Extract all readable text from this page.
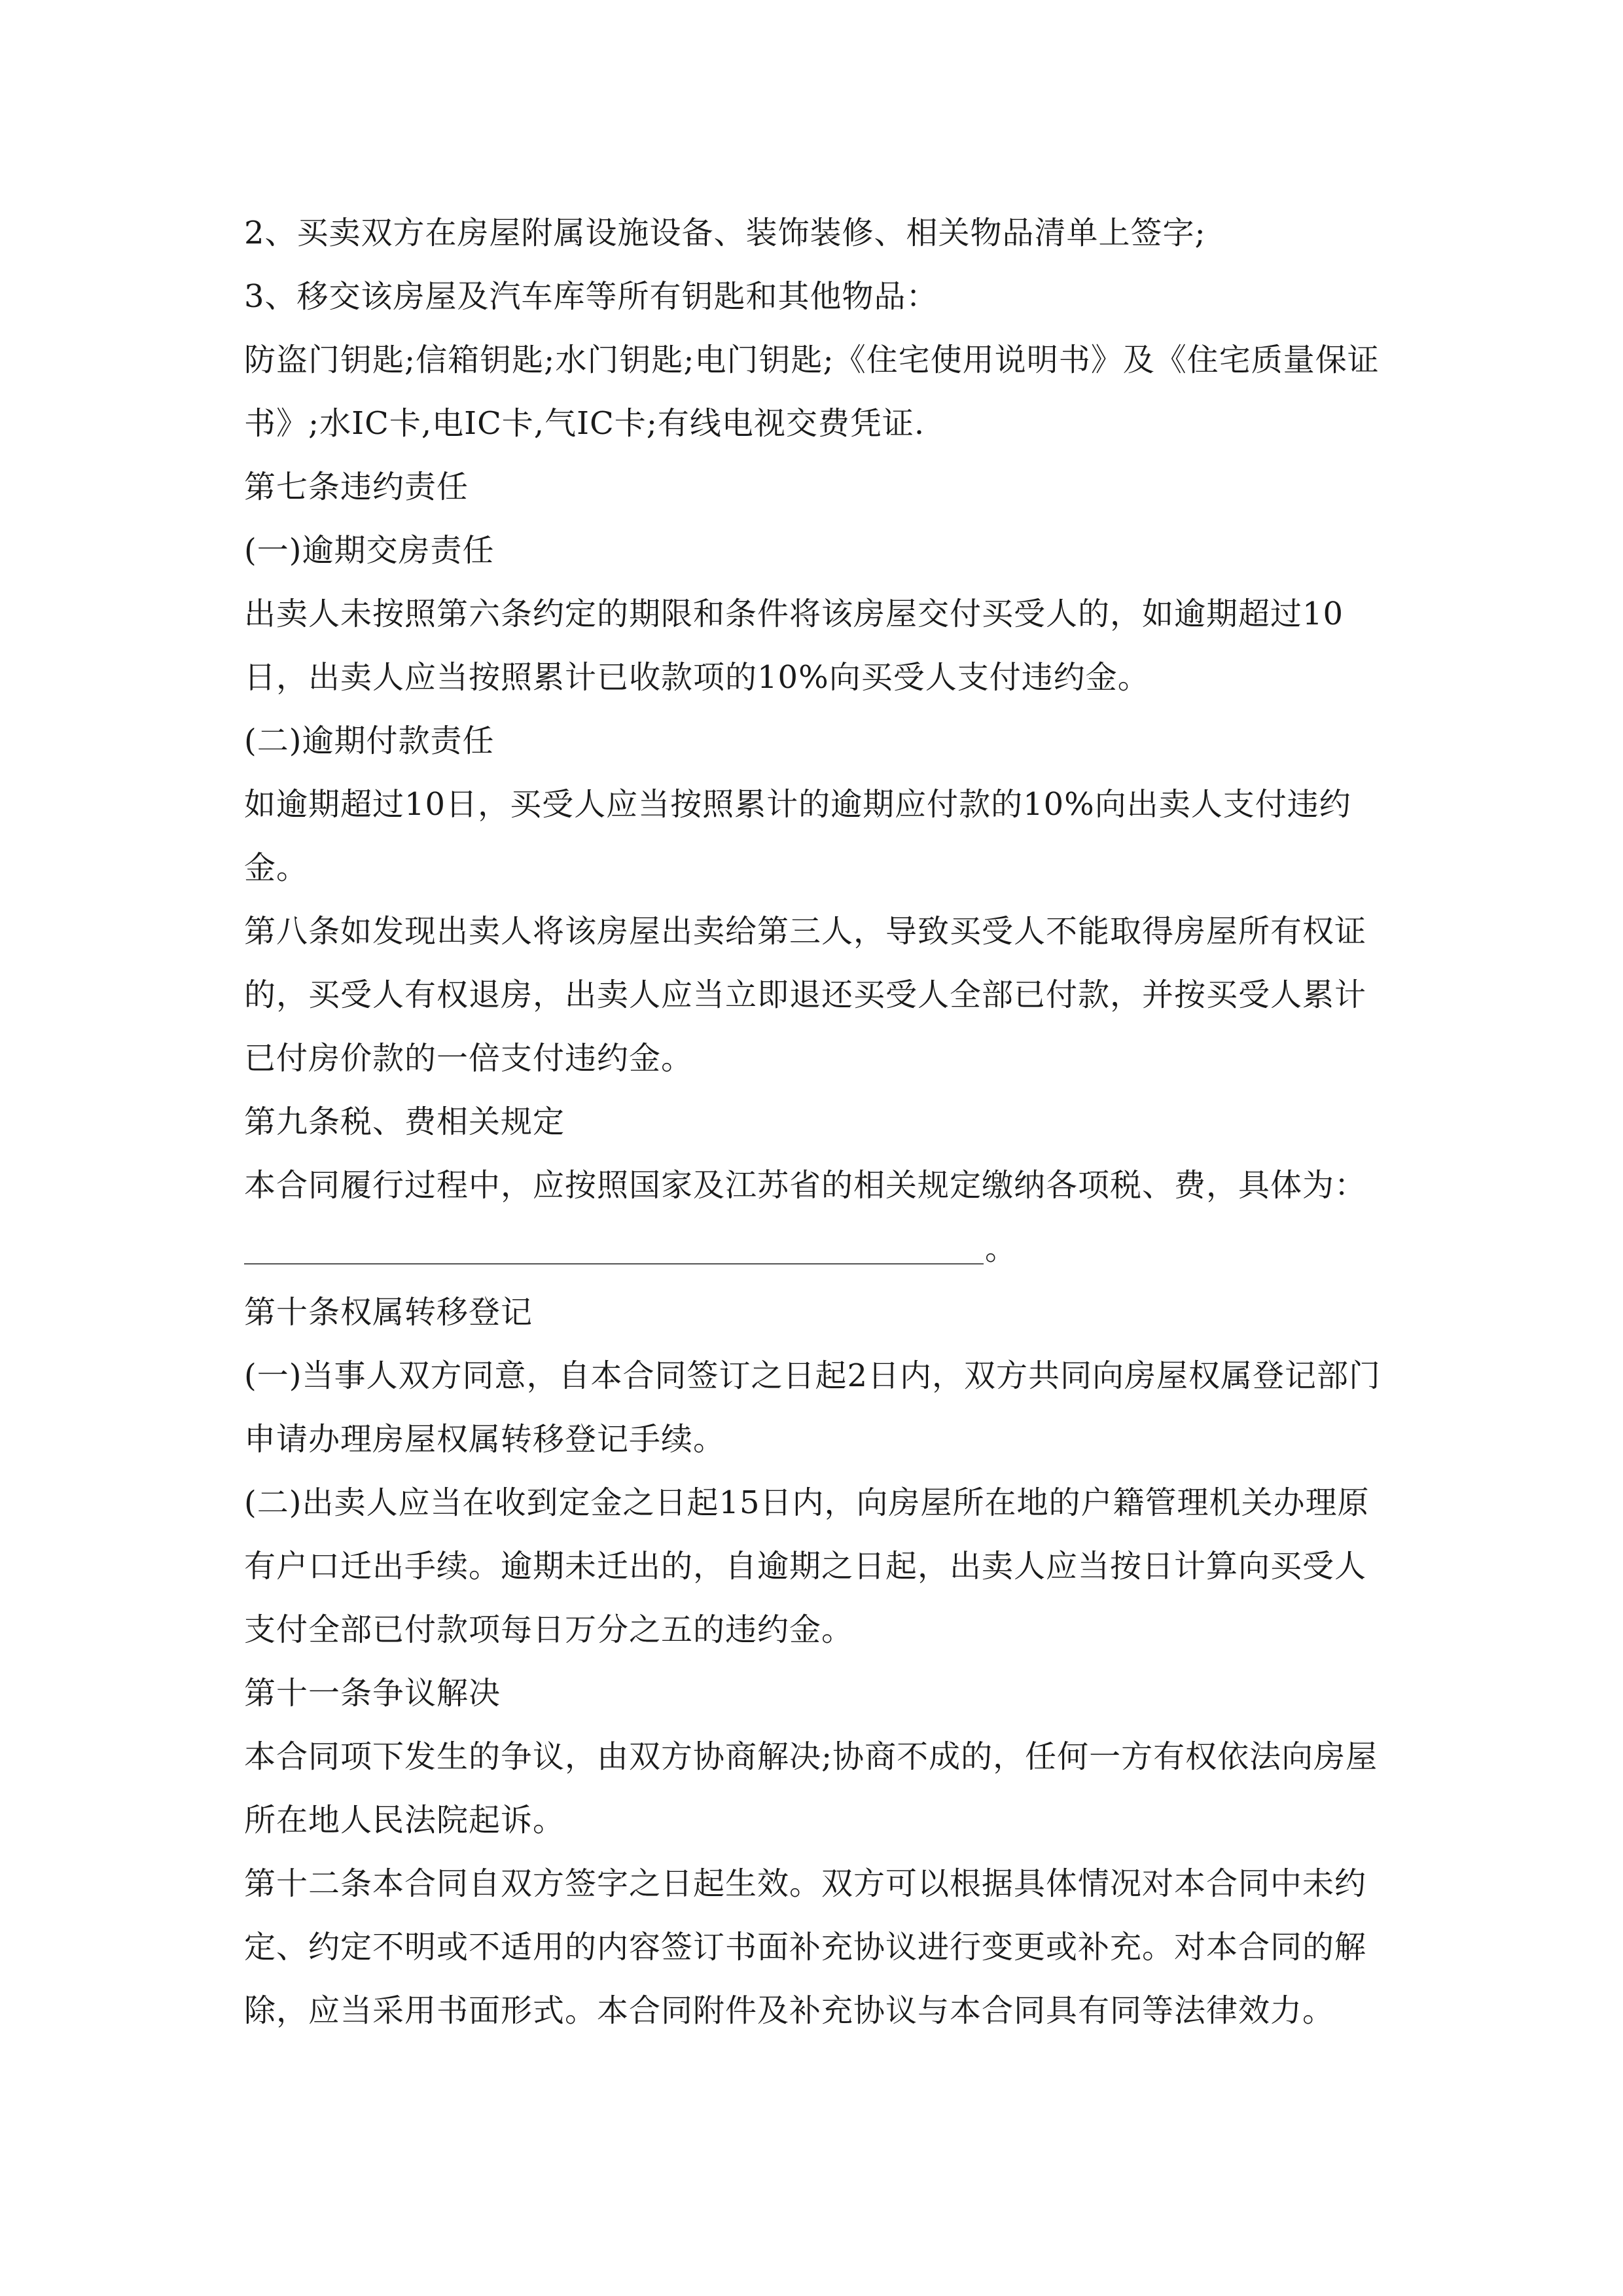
2、买卖双方在房屋附属设施设备、装饰装修、相关物品清单上签字;

3、移交该房屋及汽车库等所有钥匙和其他物品：

防盗门钥匙;信箱钥匙;水门钥匙;电门钥匙;《住宅使用说明书》及《住宅质量保证书》;水IC卡,电IC卡,气IC卡;有线电视交费凭证.

第七条违约责任

(一)逾期交房责任

出卖人未按照第六条约定的期限和条件将该房屋交付买受人的，如逾期超过10日，出卖人应当按照累计已收款项的10%向买受人支付违约金。

(二)逾期付款责任

如逾期超过10日，买受人应当按照累计的逾期应付款的10%向出卖人支付违约金。

第八条如发现出卖人将该房屋出卖给第三人，导致买受人不能取得房屋所有权证的，买受人有权退房，出卖人应当立即退还买受人全部已付款，并按买受人累计已付房价款的一倍支付违约金。

第九条税、费相关规定

本合同履行过程中，应按照国家及江苏省的相关规定缴纳各项税、费，具体为：

。

第十条权属转移登记

(一)当事人双方同意，自本合同签订之日起2日内，双方共同向房屋权属登记部门申请办理房屋权属转移登记手续。

(二)出卖人应当在收到定金之日起15日内，向房屋所在地的户籍管理机关办理原有户口迁出手续。逾期未迁出的，自逾期之日起，出卖人应当按日计算向买受人支付全部已付款项每日万分之五的违约金。

第十一条争议解决

本合同项下发生的争议，由双方协商解决;协商不成的，任何一方有权依法向房屋所在地人民法院起诉。

第十二条本合同自双方签字之日起生效。双方可以根据具体情况对本合同中未约定、约定不明或不适用的内容签订书面补充协议进行变更或补充。对本合同的解除，应当采用书面形式。本合同附件及补充协议与本合同具有同等法律效力。
